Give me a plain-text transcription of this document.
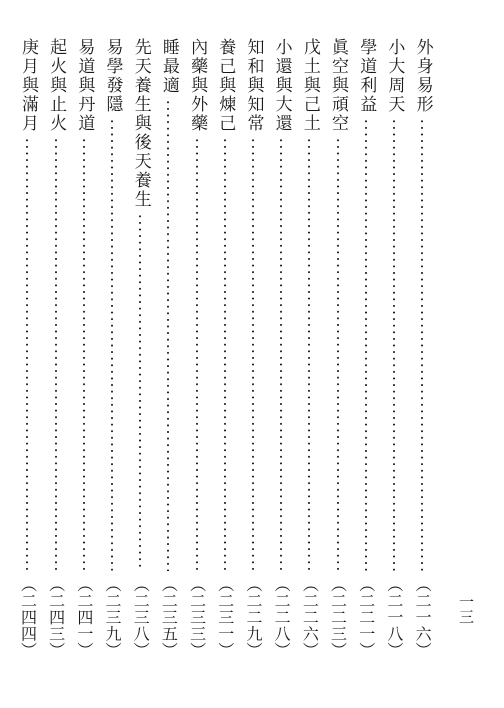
一三
外身易形
（二一六）
小大周天
（二一八）
學道利益
（二二一）
眞空與頑空
（二二三）
戊土與己土
（二二六）
小還與大還
（二二八）
知和與知常
（二二九）
養己與煉己
（二三一）
內藥與外藥
（二三三）
睡最適
（二三五）
先天養生與後天養生
（二三八）
易學發隱
（二三九）
易道與丹道
（二四一）
起火與止火
（二四三）
庚月與滿月
（二四四）
